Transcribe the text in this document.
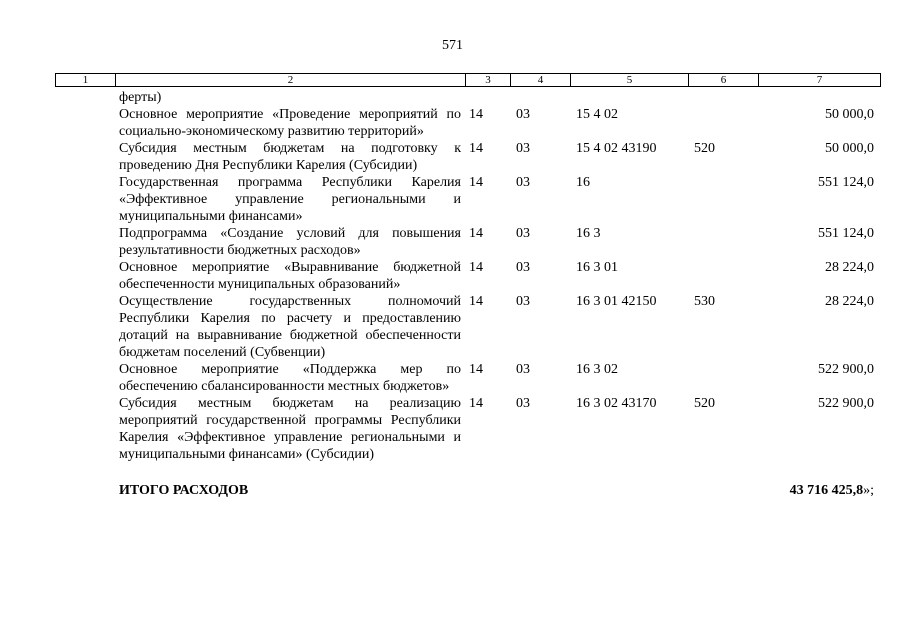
571
1	2	3	4	5	6	7
	ферты)					
	Основное мероприятие «Проведение мероприятий по социально-экономическому развитию территорий»	14	03	15 4 02		50 000,0
	Субсидия местным бюджетам на подготовку к проведению Дня Республики Карелия (Субсидии)	14	03	15 4 02 43190	520	50 000,0
	Государственная программа Республики Карелия «Эффективное управление региональными и муниципальными финансами»	14	03	16		551 124,0
	Подпрограмма «Создание условий для повышения результативности бюджетных расходов»	14	03	16 3		551 124,0
	Основное мероприятие «Выравнивание бюджетной обеспеченности муниципальных образований»	14	03	16 3 01		28 224,0
	Осуществление государственных полномочий Республики Карелия по расчету и предоставлению дотаций на выравнивание бюджетной обеспеченности бюджетам поселений (Субвенции)	14	03	16 3 01 42150	530	28 224,0
	Основное мероприятие «Поддержка мер по обеспечению сбалансированности местных бюджетов»	14	03	16 3 02		522 900,0
	Субсидия местным бюджетам на реализацию мероприятий государственной программы Республики Карелия «Эффективное управление региональными и муниципальными финансами» (Субсидии)	14	03	16 3 02 43170	520	522 900,0
	ИТОГО РАСХОДОВ					43 716 425,8»;
